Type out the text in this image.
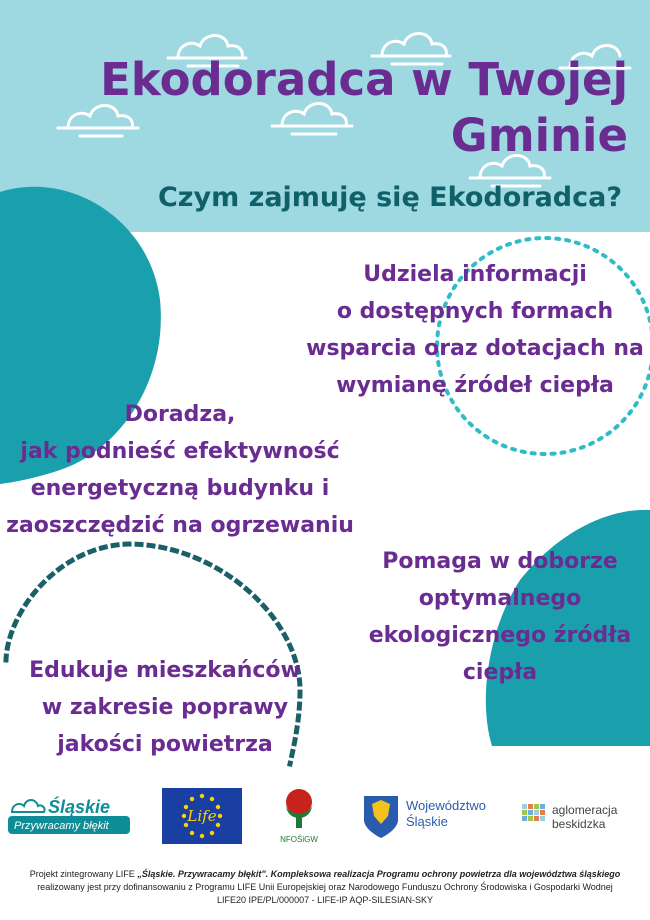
Ekodoradca w Twojej Gminie
Czym zajmuję się Ekodoradca?

Udziela informacji
o dostępnych formach
wsparcia oraz dotacjach na
wymianę źródeł ciepła

Doradza,
jak podnieść efektywność
energetyczną budynku i
zaoszczędzić na ogrzewaniu

Pomaga w doborze
optymalnego
ekologicznego źródła
ciepła

Edukuje mieszkańców
w zakresie poprawy
jakości powietrza

Śląskie
Przywracamy błękit
Life
NFOŚiGW
Województwo
Śląskie
aglomeracja
beskidzka

Projekt zintegrowany LIFE „Śląskie. Przywracamy błękit". Kompleksowa realizacja Programu ochrony powietrza dla województwa śląskiego

realizowany jest przy dofinansowaniu z Programu LIFE Unii Europejskiej oraz Narodowego Funduszu Ochrony Środowiska i Gospodarki Wodnej

LIFE20 IPE/PL/000007 - LIFE-IP AQP-SILESIAN-SKY
